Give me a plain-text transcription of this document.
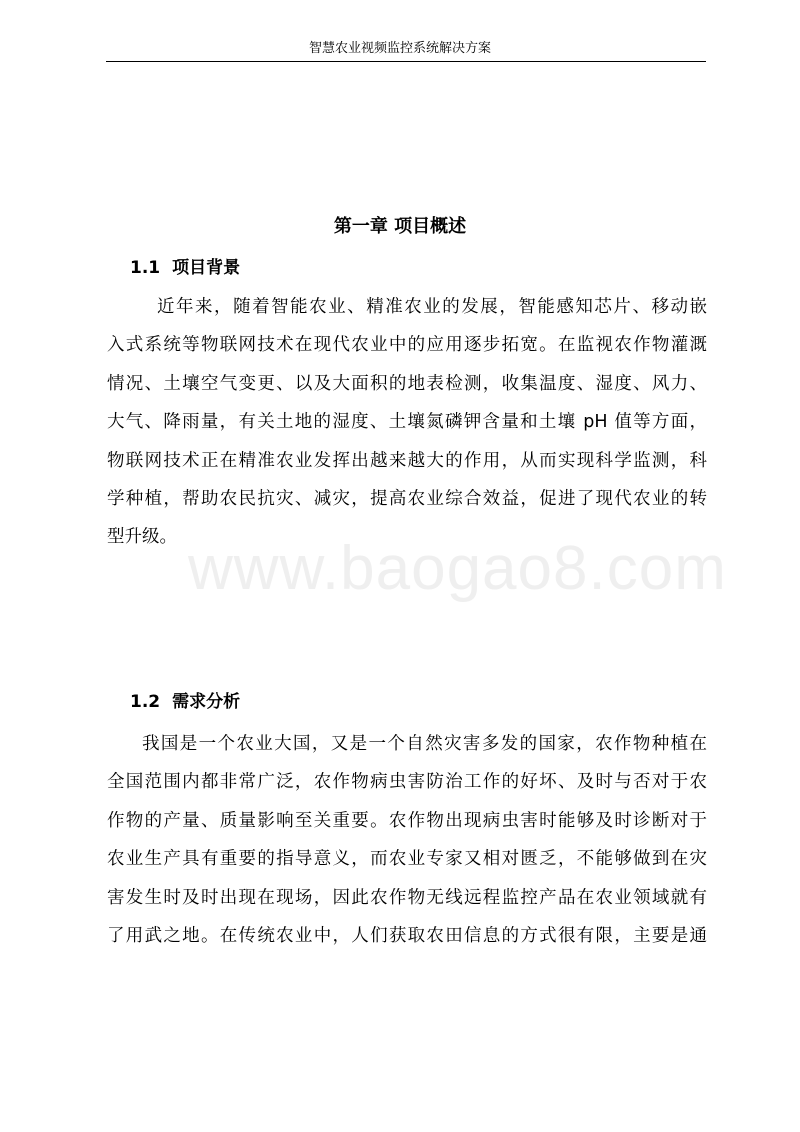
智慧农业视频监控系统解决方案
www.baogao8.com
第一章 项目概述
1.1 项目背景
近年来，随着智能农业、精准农业的发展，智能感知芯片、移动嵌
入式系统等物联网技术在现代农业中的应用逐步拓宽。在监视农作物灌溉
情况、土壤空气变更、以及大面积的地表检测，收集温度、湿度、风力、
大气、降雨量，有关土地的湿度、土壤氮磷钾含量和土壤 pH 值等方面，
物联网技术正在精准农业发挥出越来越大的作用，从而实现科学监测，科
学种植，帮助农民抗灾、减灾，提高农业综合效益，促进了现代农业的转
型升级。
1.2 需求分析
我国是一个农业大国，又是一个自然灾害多发的国家，农作物种植在
全国范围内都非常广泛，农作物病虫害防治工作的好坏、及时与否对于农
作物的产量、质量影响至关重要。农作物出现病虫害时能够及时诊断对于
农业生产具有重要的指导意义，而农业专家又相对匮乏，不能够做到在灾
害发生时及时出现在现场，因此农作物无线远程监控产品在农业领域就有
了用武之地。在传统农业中，人们获取农田信息的方式很有限，主要是通
